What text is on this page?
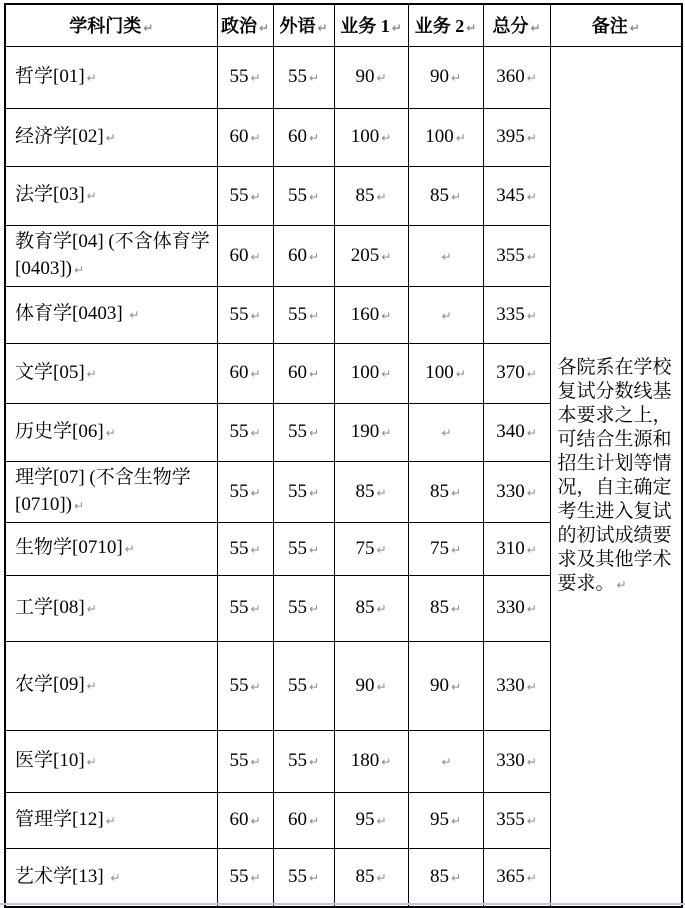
学科门类 ↵	政治 ↵	外语 ↵	业务 1 ↵	业务 2 ↵	总分 ↵	备注 ↵
哲学[01] ↵	55 ↵	55 ↵	90 ↵	90 ↵	360 ↵	各院系在学校复试分数线基本要求之上，可结合生源和招生计划等情况，自主确定考生进入复试的初试成绩要求及其他学术要求。 ↵
经济学[02] ↵	60 ↵	60 ↵	100 ↵	100 ↵	395 ↵	
法学[03] ↵	55 ↵	55 ↵	85 ↵	85 ↵	345 ↵	
教育学[04] (不含体育学[0403]) ↵	60 ↵	60 ↵	205 ↵	↵	355 ↵	
体育学[0403] ↵	55 ↵	55 ↵	160 ↵	↵	335 ↵	
文学[05] ↵	60 ↵	60 ↵	100 ↵	100 ↵	370 ↵	
历史学[06] ↵	55 ↵	55 ↵	190 ↵	↵	340 ↵	
理学[07] (不含生物学[0710]) ↵	55 ↵	55 ↵	85 ↵	85 ↵	330 ↵	
生物学[0710] ↵	55 ↵	55 ↵	75 ↵	75 ↵	310 ↵	
工学[08] ↵	55 ↵	55 ↵	85 ↵	85 ↵	330 ↵	
农学[09] ↵	55 ↵	55 ↵	90 ↵	90 ↵	330 ↵	
医学[10] ↵	55 ↵	55 ↵	180 ↵	↵	330 ↵	
管理学[12] ↵	60 ↵	60 ↵	95 ↵	95 ↵	355 ↵	
艺术学[13] ↵	55 ↵	55 ↵	85 ↵	85 ↵	365 ↵	
